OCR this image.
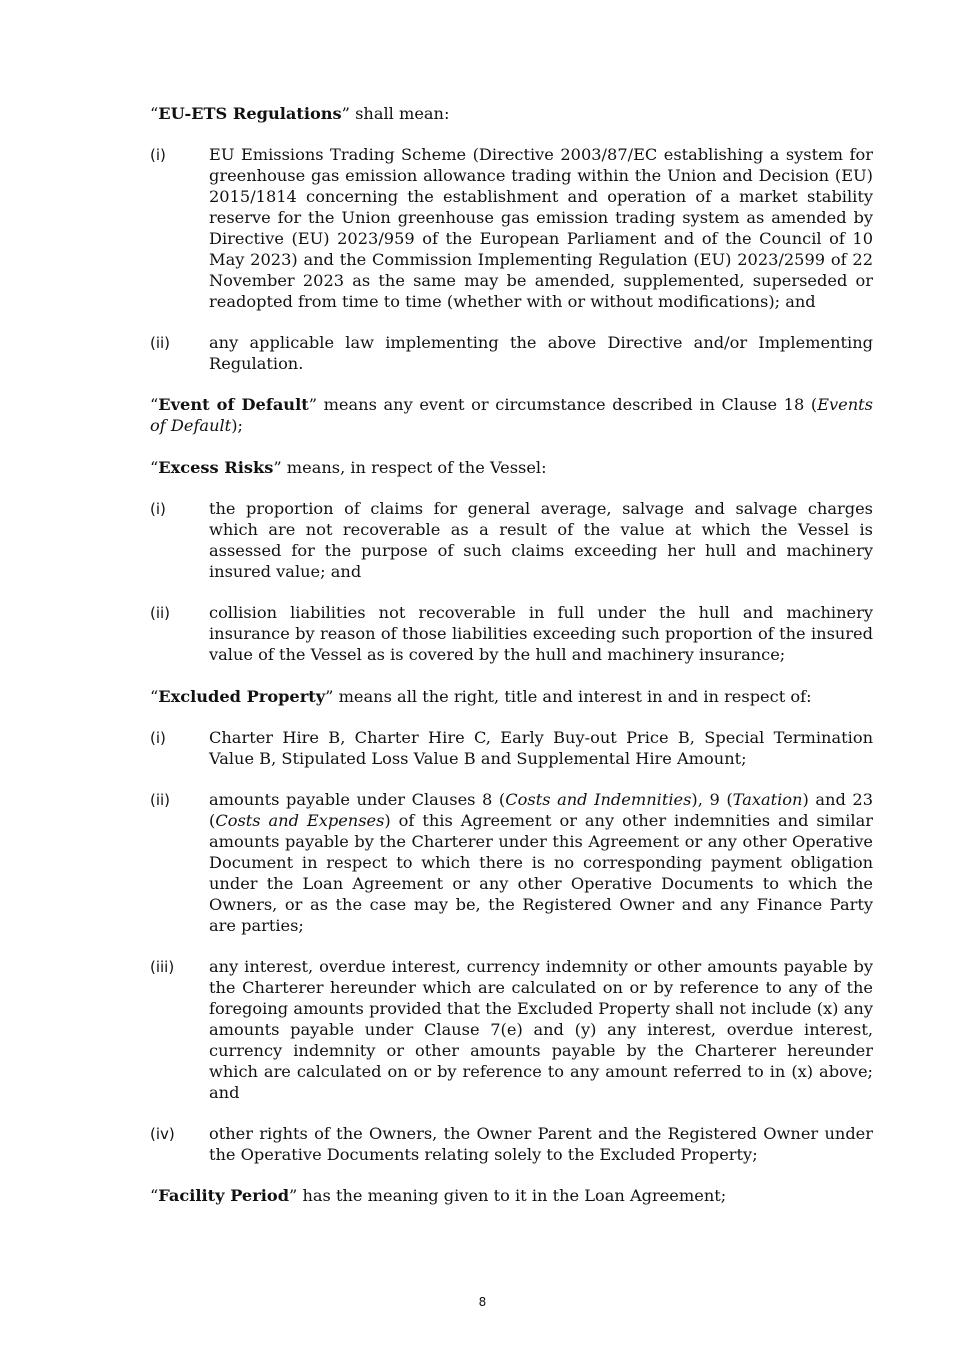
“EU-ETS Regulations” shall mean:

(i)	EU Emissions Trading Scheme (Directive 2003/87/EC establishing a system for greenhouse gas emission allowance trading within the Union and Decision (EU) 2015/1814 concerning the establishment and operation of a market stability reserve for the Union greenhouse gas emission trading system as amended by Directive (EU) 2023/959 of the European Parliament and of the Council of 10 May 2023) and the Commission Implementing Regulation (EU) 2023/2599 of 22 November 2023 as the same may be amended, supplemented, superseded or readopted from time to time (whether with or without modifications); and
(ii)	any applicable law implementing the above Directive and/or Implementing Regulation.

“Event of Default” means any event or circumstance described in Clause 18 (Events of Default);

“Excess Risks” means, in respect of the Vessel:

(i)	the proportion of claims for general average, salvage and salvage charges which are not recoverable as a result of the value at which the Vessel is assessed for the purpose of such claims exceeding her hull and machinery insured value; and
(ii)	collision liabilities not recoverable in full under the hull and machinery insurance by reason of those liabilities exceeding such proportion of the insured value of the Vessel as is covered by the hull and machinery insurance;

“Excluded Property” means all the right, title and interest in and in respect of:

(i)	Charter Hire B, Charter Hire C, Early Buy-out Price B, Special Termination Value B, Stipulated Loss Value B and Supplemental Hire Amount;
(ii)	amounts payable under Clauses 8 (Costs and Indemnities), 9 (Taxation) and 23 (Costs and Expenses) of this Agreement or any other indemnities and similar amounts payable by the Charterer under this Agreement or any other Operative Document in respect to which there is no corresponding payment obligation under the Loan Agreement or any other Operative Documents to which the Owners, or as the case may be, the Registered Owner and any Finance Party are parties;
(iii)	any interest, overdue interest, currency indemnity or other amounts payable by the Charterer hereunder which are calculated on or by reference to any of the foregoing amounts provided that the Excluded Property shall not include (x) any amounts payable under Clause 7(e) and (y) any interest, overdue interest, currency indemnity or other amounts payable by the Charterer hereunder which are calculated on or by reference to any amount referred to in (x) above; and
(iv)	other rights of the Owners, the Owner Parent and the Registered Owner under the Operative Documents relating solely to the Excluded Property;

“Facility Period” has the meaning given to it in the Loan Agreement;

8
